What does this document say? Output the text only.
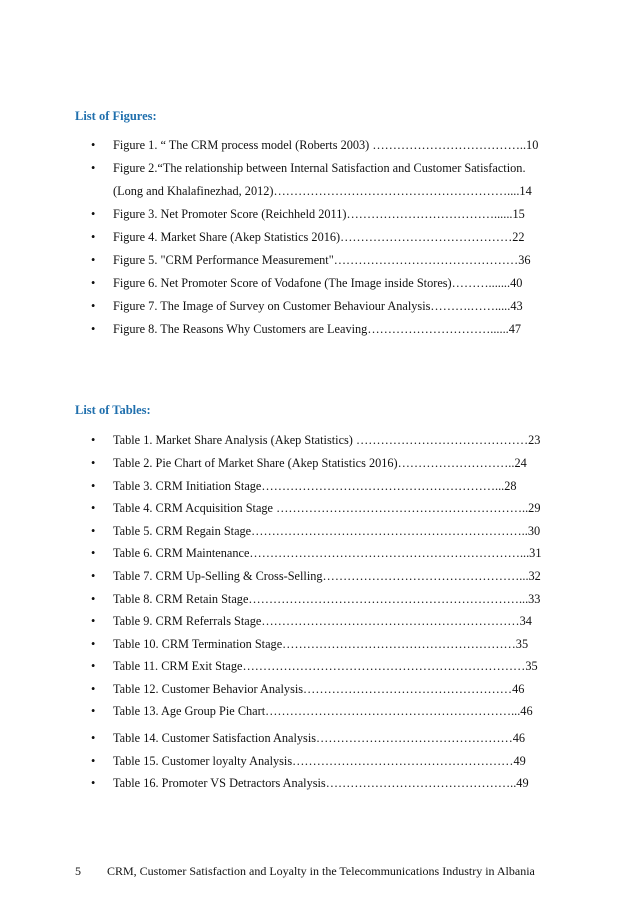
List of Figures:
• Figure 1. “ The CRM process model (Roberts 2003) ………………………………..10
• Figure 2.“The relationship between Internal Satisfaction and Customer Satisfaction.
(Long and Khalafinezhad, 2012)…………………………………………………....14
• Figure 3. Net Promoter Score (Reichheld 2011)………………………………......15
• Figure 4. Market Share (Akep Statistics 2016)……………………………………22
• Figure 5. "CRM Performance Measurement"………………………………………36
• Figure 6. Net Promoter Score of Vodafone (The Image inside Stores)……….......40
• Figure 7. The Image of Survey on Customer Behaviour Analysis……….…….....43
• Figure 8. The Reasons Why Customers are Leaving…………………………......47
List of Tables:
• Table 1. Market Share Analysis (Akep Statistics) ……………………………………23
• Table 2. Pie Chart of Market Share (Akep Statistics 2016)………………………..24
• Table 3. CRM Initiation Stage…………………………………………………...28
• Table 4. CRM Acquisition Stage ……………………………………………………..29
• Table 5. CRM Regain Stage…………………………………………………………..30
• Table 6. CRM Maintenance…………………………………………………………...31
• Table 7. CRM Up-Selling & Cross-Selling…………………………………………...32
• Table 8. CRM Retain Stage…………………………………………………………...33
• Table 9. CRM Referrals Stage………………………………………………………34
• Table 10. CRM Termination Stage…………………………………………………35
• Table 11. CRM Exit Stage……………………………………………………………35
• Table 12. Customer Behavior Analysis……………………………………………46
• Table 13. Age Group Pie Chart……………………………………………………...46
• Table 14. Customer Satisfaction Analysis…………………………………………46
• Table 15. Customer loyalty Analysis………………………………………………49
• Table 16. Promoter VS Detractors Analysis………………………………………..49
5 CRM, Customer Satisfaction and Loyalty in the Telecommunications Industry in Albania
